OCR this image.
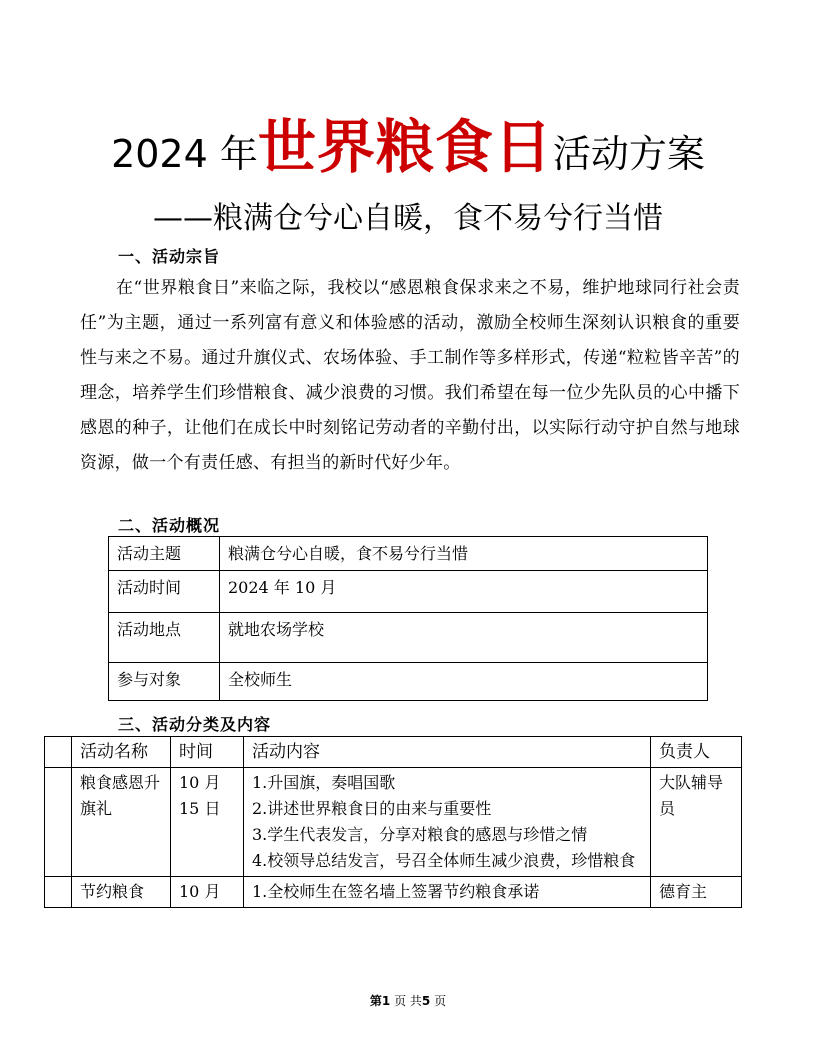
2024 年世界粮食日活动方案
——粮满仓兮心自暖，食不易兮行当惜
一、活动宗旨
在“世界粮食日”来临之际，我校以“感恩粮食保求来之不易，维护地球同行社会责任”为主题，通过一系列富有意义和体验感的活动，激励全校师生深刻认识粮食的重要性与来之不易。通过升旗仪式、农场体验、手工制作等多样形式，传递“粒粒皆辛苦”的理念，培养学生们珍惜粮食、减少浪费的习惯。我们希望在每一位少先队员的心中播下感恩的种子，让他们在成长中时刻铭记劳动者的辛勤付出，以实际行动守护自然与地球资源，做一个有责任感、有担当的新时代好少年。
二、活动概况
活动主题	粮满仓兮心自暖，食不易兮行当惜
活动时间	2024 年 10 月
活动地点	就地农场学校
参与对象	全校师生
三、活动分类及内容
	活动名称	时间	活动内容	负责人
	粮食感恩升旗礼	10 月 15 日	1.升国旗，奏唱国歌
2.讲述世界粮食日的由来与重要性
3.学生代表发言，分享对粮食的感恩与珍惜之情
4.校领导总结发言，号召全体师生减少浪费，珍惜粮食	大队辅导员
	节约粮食	10 月	1.全校师生在签名墙上签署节约粮食承诺	德育主
第1 页 共5 页
